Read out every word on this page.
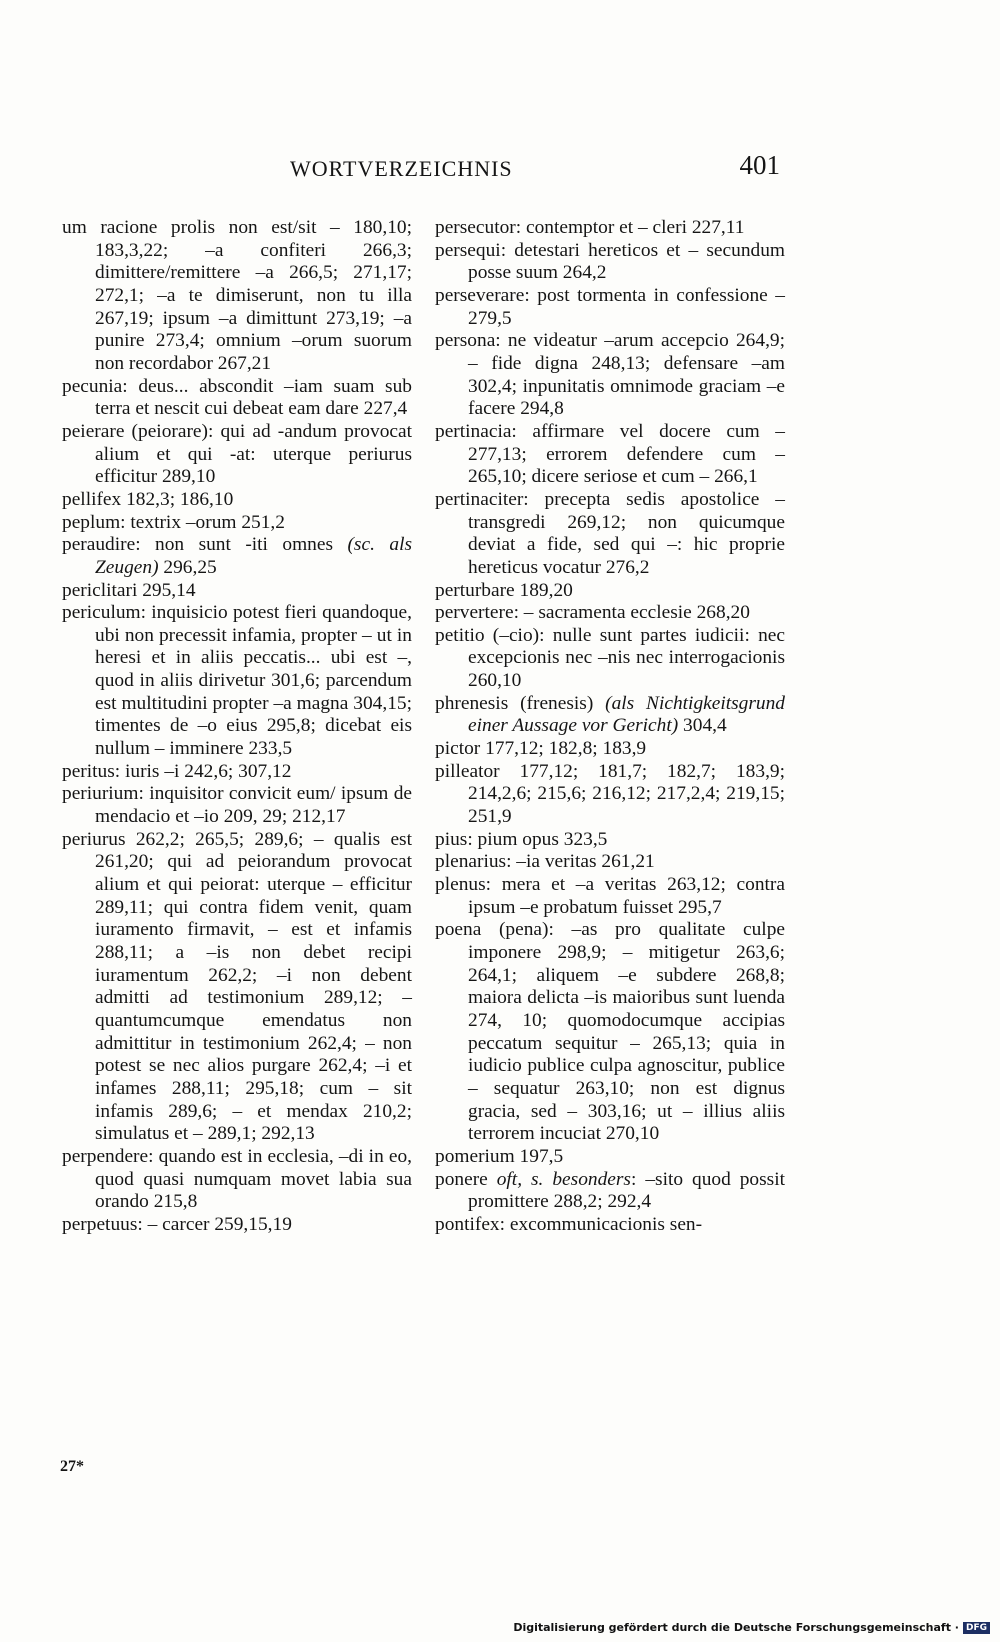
WORTVERZEICHNIS	401

um racione prolis non est/sit – 180,10; 183,3,22; –a confiteri 266,3; dimittere/remittere –a 266,5; 271,17; 272,1; –a te dimiserunt, non tu illa 267,19; ipsum –a dimittunt 273,19; –a punire 273,4; omnium –orum suorum non recordabor 267,21

pecunia: deus... abscondit –iam suam sub terra et nescit cui debeat eam dare 227,4

peierare (peiorare): qui ad -andum provocat alium et qui -at: uterque periurus efficitur 289,10

pellifex 182,3; 186,10

peplum: textrix –orum 251,2

peraudire: non sunt -iti omnes (sc. als Zeugen) 296,25

periclitari 295,14

periculum: inquisicio potest fieri quandoque, ubi non precessit infamia, propter – ut in heresi et in aliis peccatis... ubi est –, quod in aliis dirivetur 301,6; parcendum est multitudini propter –a magna 304,15; timentes de –o eius 295,8; dicebat eis nullum – imminere 233,5

peritus: iuris –i 242,6; 307,12

periurium: inquisitor convicit eum/ ipsum de mendacio et –io 209, 29; 212,17

periurus 262,2; 265,5; 289,6; – qualis est 261,20; qui ad peiorandum provocat alium et qui peiorat: uterque – efficitur 289,11; qui contra fidem venit, quam iuramento firmavit, – est et infamis 288,11; a –is non debet recipi iuramentum 262,2; –i non debent admitti ad testimonium 289,12; – quantumcumque emendatus non admittitur in testimonium 262,4; – non potest se nec alios purgare 262,4; –i et infames 288,11; 295,18; cum – sit infamis 289,6; – et mendax 210,2; simulatus et – 289,1; 292,13

perpendere: quando est in ecclesia, –di in eo, quod quasi numquam movet labia sua orando 215,8

perpetuus: – carcer 259,15,19

persecutor: contemptor et – cleri 227,11

persequi: detestari hereticos et – secundum posse suum 264,2

perseverare: post tormenta in confessione – 279,5

persona: ne videatur –arum accepcio 264,9; – fide digna 248,13; defensare –am 302,4; inpunitatis omnimode graciam –e facere 294,8

pertinacia: affirmare vel docere cum – 277,13; errorem defendere cum – 265,10; dicere seriose et cum – 266,1

pertinaciter: precepta sedis apostolice – transgredi 269,12; non quicumque deviat a fide, sed qui –: hic proprie hereticus vocatur 276,2

perturbare 189,20

pervertere: – sacramenta ecclesie 268,20

petitio (–cio): nulle sunt partes iudicii: nec excepcionis nec –nis nec interrogacionis 260,10

phrenesis (frenesis) (als Nichtigkeitsgrund einer Aussage vor Gericht) 304,4

pictor 177,12; 182,8; 183,9

pilleator 177,12; 181,7; 182,7; 183,9; 214,2,6; 215,6; 216,12; 217,2,4; 219,15; 251,9

pius: pium opus 323,5

plenarius: –ia veritas 261,21

plenus: mera et –a veritas 263,12; contra ipsum –e probatum fuisset 295,7

poena (pena): –as pro qualitate culpe imponere 298,9; – mitigetur 263,6; 264,1; aliquem –e subdere 268,8; maiora delicta –is maioribus sunt luenda 274, 10; quomodocumque accipias peccatum sequitur – 265,13; quia in iudicio publice culpa agnoscitur, publice – sequatur 263,10; non est dignus gracia, sed – 303,16; ut – illius aliis terrorem incuciat 270,10

pomerium 197,5

ponere oft, s. besonders: –sito quod possit promittere 288,2; 292,4

pontifex: excommunicacionis sen-

27*
Digitalisierung gefördert durch die Deutsche Forschungsgemeinschaft · DFG
